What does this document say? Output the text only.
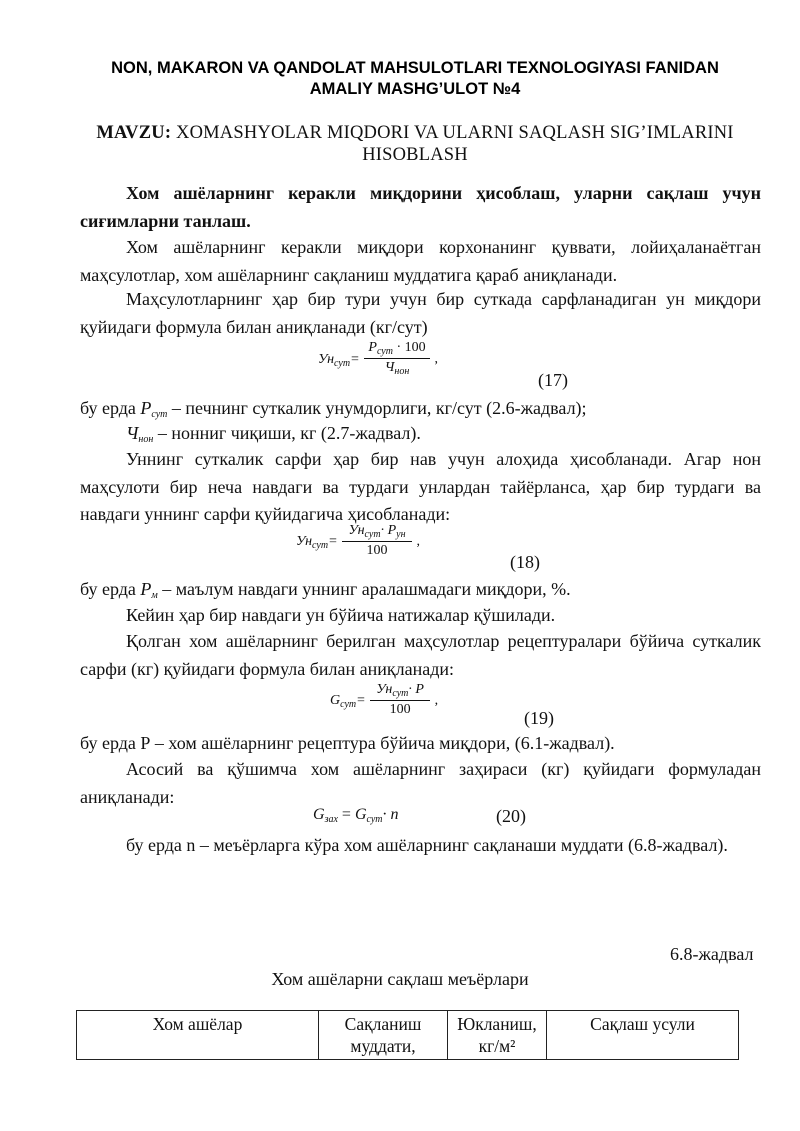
NON, MAKARON VA QANDOLAT MAHSULOTLARI TEXNOLOGIYASI FANIDAN
AMALIY MASHG’ULOT №4
MAVZU: XOMASHYOLAR MIQDORI VA ULARNI SAQLASH SIG’IMLARINI
HISOBLASH
Хом ашёларнинг керакли миқдорини ҳисоблаш, уларни сақлаш учун сиғимларни танлаш.
Хом ашёларнинг керакли миқдори корхонанинг қуввати, лойиҳаланаётган маҳсулотлар, хом ашёларнинг сақланиш муддатига қараб аниқланади.
Маҳсулотларнинг ҳар бир тури учун бир суткада сарфланадиган ун миқдори қуйидаги формула билан аниқланади (кг/сут)
$Ун_{сут}= \frac{Р_{сут} \cdot 100}{Ч_{нон}}$ ,
(17)
бу ерда $Р_{сут}$ – печнинг суткалик унумдорлиги, кг/сут (2.6-жадвал);
$Ч_{нон}$ – нонниг чиқиши, кг (2.7-жадвал).
Уннинг суткалик сарфи ҳар бир нав учун алоҳида ҳисобланади. Агар нон маҳсулоти бир неча навдаги ва турдаги унлардан тайёрланса, ҳар бир турдаги ва навдаги уннинг сарфи қуйидагича ҳисобланади:
$Ун_{сут}= \frac{Ун_{сут}\cdot Р_{ун}}{100}$ ,
(18)
бу ерда $Р_м$ – маълум навдаги уннинг аралашмадаги миқдори, %.
Кейин ҳар бир навдаги ун бўйича натижалар қўшилади.
Қолган хом ашёларнинг берилган маҳсулотлар рецептуралари бўйича суткалик сарфи (кг) қуйидаги формула билан аниқланади:
$G_{сут}= \frac{Ун_{сут}\cdot Р}{100}$ ,
(19)
бу ерда Р – хом ашёларнинг рецептура бўйича миқдори, (6.1-жадвал).
Асосий ва қўшимча хом ашёларнинг заҳираси (кг) қуйидаги формуладан аниқланади:
$G_{зах} = G_{сут}\cdot n$	(20)
бу ерда n – меъёрларга кўра хом ашёларнинг сақланаши муддати (6.8-жадвал).
6.8-жадвал
Хом ашёларни сақлаш меъёрлари
Хом ашёлар	Сақланиш муддати,	Юкланиш, кг/м²	Сақлаш усули
